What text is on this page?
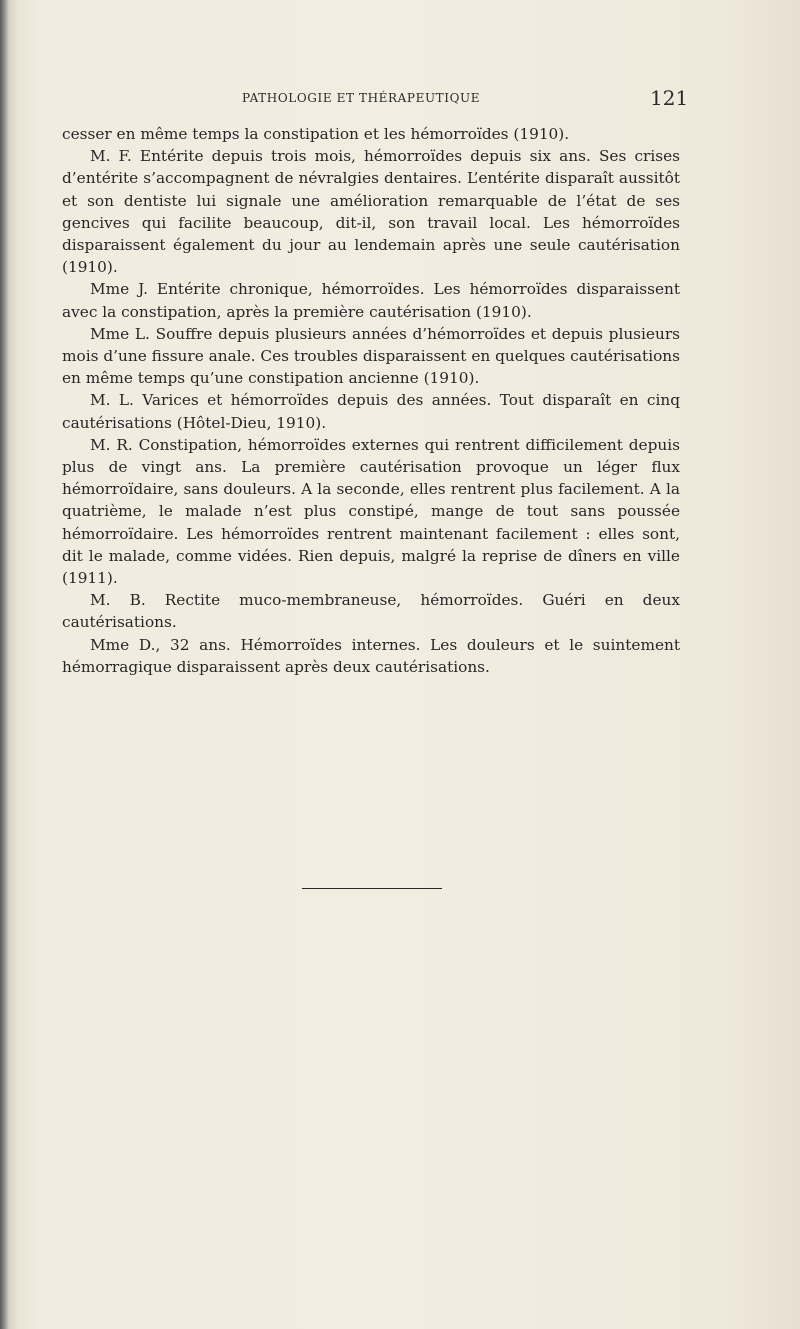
PATHOLOGIE ET THÉRAPEUTIQUE	121

cesser en même temps la constipation et les hémorroïdes (1910).

M. F. Entérite depuis trois mois, hémorroïdes depuis six ans. Ses crises d’entérite s’accompagnent de névralgies dentaires. L’entérite disparaît aussitôt et son dentiste lui signale une amélioration remarquable de l’état de ses gencives qui facilite beaucoup, dit-il, son travail local. Les hémorroïdes disparaissent également du jour au lendemain après une seule cautérisation (1910).

Mme J. Entérite chronique, hémorroïdes. Les hémorroïdes disparaissent avec la constipation, après la première cautérisation (1910).

Mme L. Souffre depuis plusieurs années d’hémorroïdes et depuis plusieurs mois d’une fissure anale. Ces troubles disparaissent en quelques cautérisations en même temps qu’une constipation ancienne (1910).

M. L. Varices et hémorroïdes depuis des années. Tout disparaît en cinq cautérisations (Hôtel-Dieu, 1910).

M. R. Constipation, hémorroïdes externes qui rentrent difficilement depuis plus de vingt ans. La première cautérisation provoque un léger flux hémorroïdaire, sans douleurs. A la seconde, elles rentrent plus facilement. A la quatrième, le malade n’est plus constipé, mange de tout sans poussée hémorroïdaire. Les hémorroïdes rentrent maintenant facilement : elles sont, dit le malade, comme vidées. Rien depuis, malgré la reprise de dîners en ville (1911).

M. B. Rectite muco-membraneuse, hémorroïdes. Guéri en deux cautérisations.

Mme D., 32 ans. Hémorroïdes internes. Les douleurs et le suintement hémorragique disparaissent après deux cautérisations.
